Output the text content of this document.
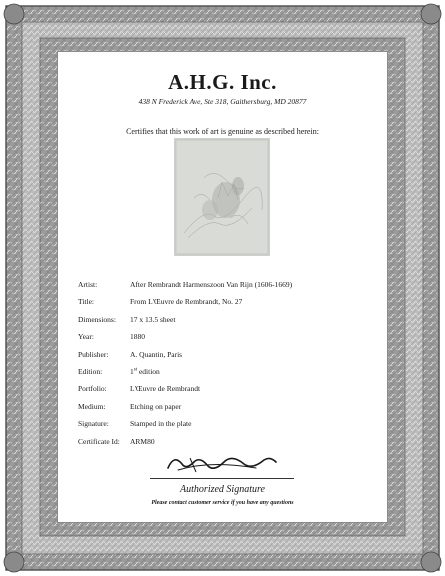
A.H.G. Inc.
438 N Frederick Ave, Ste 318, Gaithersburg, MD 20877
Certifies that this work of art is genuine as described herein:
Artist:	After Rembrandt Harmenszoon Van Rijn (1606-1669)
Title:	From L'Œuvre de Rembrandt, No. 27
Dimensions:	17 x 13.5 sheet
Year:	1880
Publisher:	A. Quantin, Paris
Edition:	1st edition
Portfolio:	L'Œuvre de Rembrandt
Medium:	Etching on paper
Signature:	Stamped in the plate
Certificate Id:	ARM80
Authorized Signature
Please contact customer service if you have any questions
